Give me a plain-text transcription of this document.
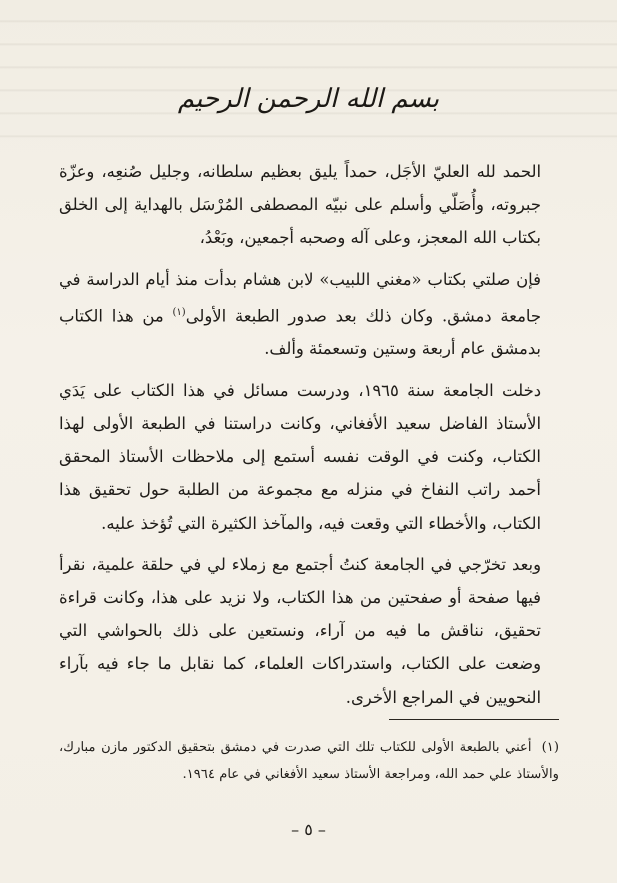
بسم الله الرحمن الرحيم

الحمد لله العليّ الأجَل، حمداً يليق بعظيم سلطانه، وجليل صُنعِه، وعزّة جبروته، وأُصَلّي وأسلم على نبيّه المصطفى المُرْسَل بالهداية إلى الخلق بكتاب الله المعجز، وعلى آله وصحبه أجمعين، وبَعْدُ،

فإن صلتي بكتاب «مغني اللبيب» لابن هشام بدأت منذ أيام الدراسة في جامعة دمشق. وكان ذلك بعد صدور الطبعة الأولى$^{(١)}$ من هذا الكتاب بدمشق عام أربعة وستين وتسعمئة وألف.

دخلت الجامعة سنة ١٩٦٥، ودرست مسائل في هذا الكتاب على يَدَي الأستاذ الفاضل سعيد الأفغاني، وكانت دراستنا في الطبعة الأولى لهذا الكتاب، وكنت في الوقت نفسه أستمع إلى ملاحظات الأستاذ المحقق أحمد راتب النفاخ في منزله مع مجموعة من الطلبة حول تحقيق هذا الكتاب، والأخطاء التي وقعت فيه، والمآخذ الكثيرة التي تُؤخذ عليه.

وبعد تخرّجي في الجامعة كنتُ أجتمع مع زملاء لي في حلقة علمية، نقرأ فيها صفحة أو صفحتين من هذا الكتاب، ولا نزيد على هذا، وكانت قراءة تحقيق، نناقش ما فيه من آراء، ونستعين على ذلك بالحواشي التي وضعت على الكتاب، واستدراكات العلماء، كما نقابل ما جاء فيه بآراء النحويين في المراجع الأخرى.

(١)أعني بالطبعة الأولى للكتاب تلك التي صدرت في دمشق بتحقيق الدكتور مازن مبارك، والأستاذ علي حمد الله، ومراجعة الأستاذ سعيد الأفغاني في عام ١٩٦٤.
– ٥ –
